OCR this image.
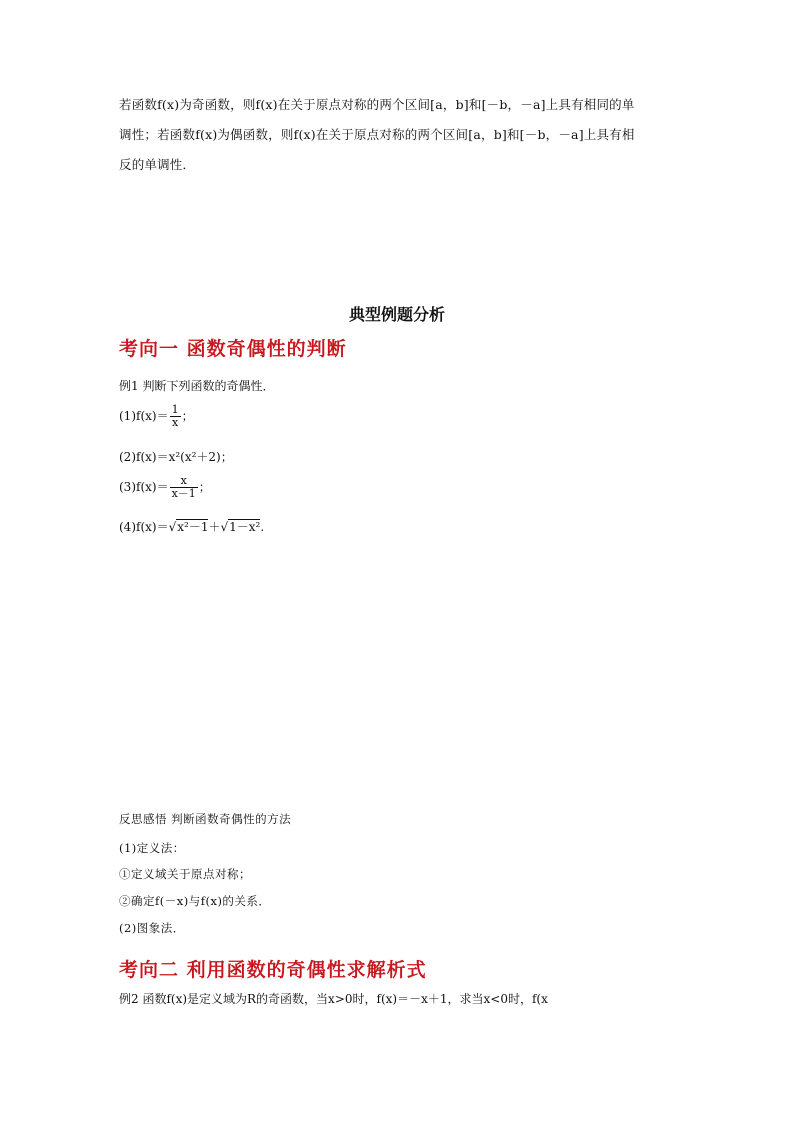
若函数f(x)为奇函数，则f(x)在关于原点对称的两个区间[a，b]和[－b，－a]上具有相同的单
调性；若函数f(x)为偶函数，则f(x)在关于原点对称的两个区间[a，b]和[－b，－a]上具有相
反的单调性．
典型例题分析
考向一 函数奇偶性的判断
例1 判断下列函数的奇偶性．
$(1)f(x)= \frac{1}{x}$ ；
(2)f(x)＝x²(x²＋2)；
$(3)f(x)= \frac{x}{x-1}$ ；
(4)f(x)＝√x²－1＋√1－x².
反思感悟 判断函数奇偶性的方法
(1)定义法：
①定义域关于原点对称；
②确定f(－x)与f(x)的关系．
(2)图象法．
考向二 利用函数的奇偶性求解析式
例2 函数f(x)是定义域为R的奇函数，当x>0时，f(x)＝－x＋1，求当x<0时，f(x
